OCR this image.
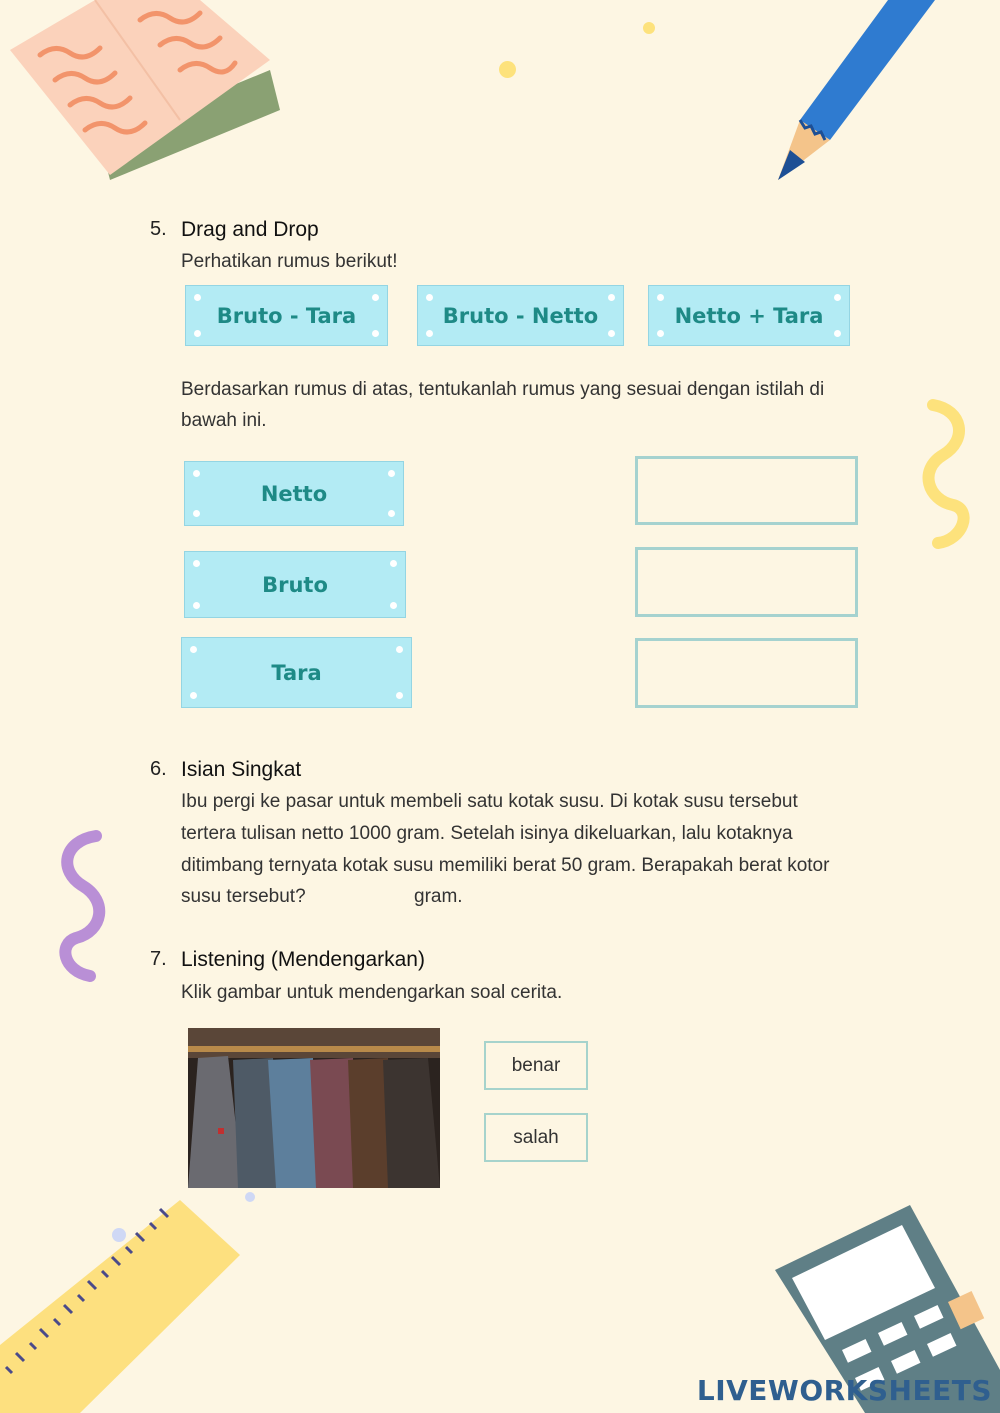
5. Drag and Drop
Perhatikan rumus berikut!
Bruto - Tara	Bruto - Netto	Netto + Tara
Berdasarkan rumus di atas, tentukanlah rumus yang sesuai dengan istilah di
bawah ini.
Netto
Bruto
Tara
6. Isian Singkat
Ibu pergi ke pasar untuk membeli satu kotak susu. Di kotak susu tersebut
tertera tulisan netto 1000 gram. Setelah isinya dikeluarkan, lalu kotaknya
ditimbang ternyata kotak susu memiliki berat 50 gram. Berapakah berat kotor
susu tersebut?	gram.
7. Listening (Mendengarkan)
Klik gambar untuk mendengarkan soal cerita.
benar
salah
LIVEWORKSHEETS
